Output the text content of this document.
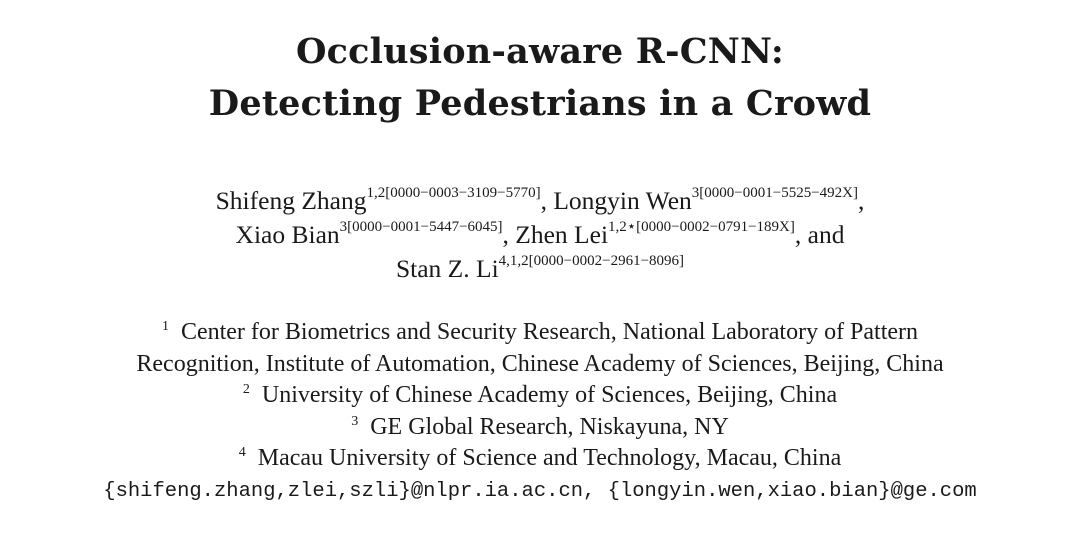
Occlusion-aware R-CNN:
Detecting Pedestrians in a Crowd
Shifeng Zhang$^{1,2[0000-0003-3109-5770]}$, Longyin Wen$^{3[0000-0001-5525-492X]}$,
Xiao Bian$^{3[0000-0001-5447-6045]}$, Zhen Lei$^{1,2⋆[0000-0002-0791-189X]}$, and
Stan Z. $Li^{4,1,2[0000-0002-2961-8096]}$
$^1$ Center for Biometrics and Security Research, National Laboratory of Pattern
Recognition, Institute of Automation, Chinese Academy of Sciences, Beijing, China
$^2$ University of Chinese Academy of Sciences, Beijing, China
$^3$ GE Global Research, Niskayuna, NY
$^4$ Macau University of Science and Technology, Macau, China
{shifeng.zhang,zlei,szli}@nlpr.ia.ac.cn, {longyin.wen,xiao.bian}@ge.com
